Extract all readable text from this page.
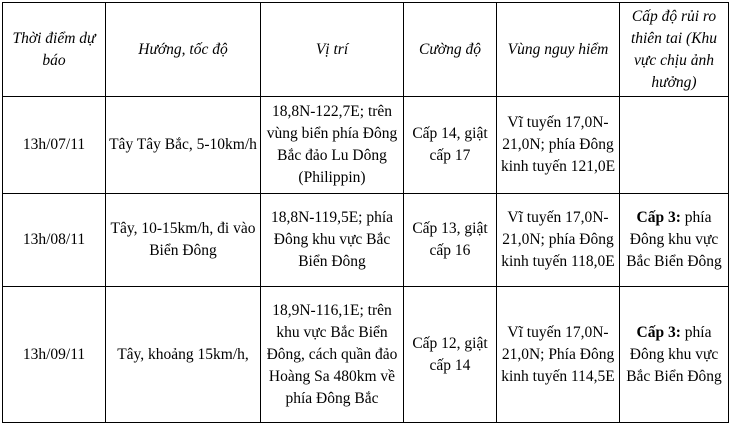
Thời điểm dự báo	Hướng, tốc độ	Vị trí	Cường độ	Vùng nguy hiểm	Cấp độ rủi ro thiên tai (Khu vực chịu ảnh hưởng)
13h/07/11	Tây Tây Bắc, 5-10km/h	18,8N-122,7E; trên vùng biển phía Đông Bắc đảo Lu Dông (Philippin)	Cấp 14, giật cấp 17	Vĩ tuyến 17,0N-21,0N; phía Đông kinh tuyến 121,0E	
13h/08/11	Tây, 10-15km/h, đi vào Biển Đông	18,8N-119,5E; phía Đông khu vực Bắc Biển Đông	Cấp 13, giật cấp 16	Vĩ tuyến 17,0N-21,0N; phía Đông kinh tuyến 118,0E	Cấp 3: phía Đông khu vực Bắc Biển Đông
13h/09/11	Tây, khoảng 15km/h,	18,9N-116,1E; trên khu vực Bắc Biển Đông, cách quần đảo Hoàng Sa 480km về phía Đông Bắc	Cấp 12, giật cấp 14	Vĩ tuyến 17,0N-21,0N; Phía Đông kinh tuyến 114,5E	Cấp 3: phía Đông khu vực Bắc Biển Đông
